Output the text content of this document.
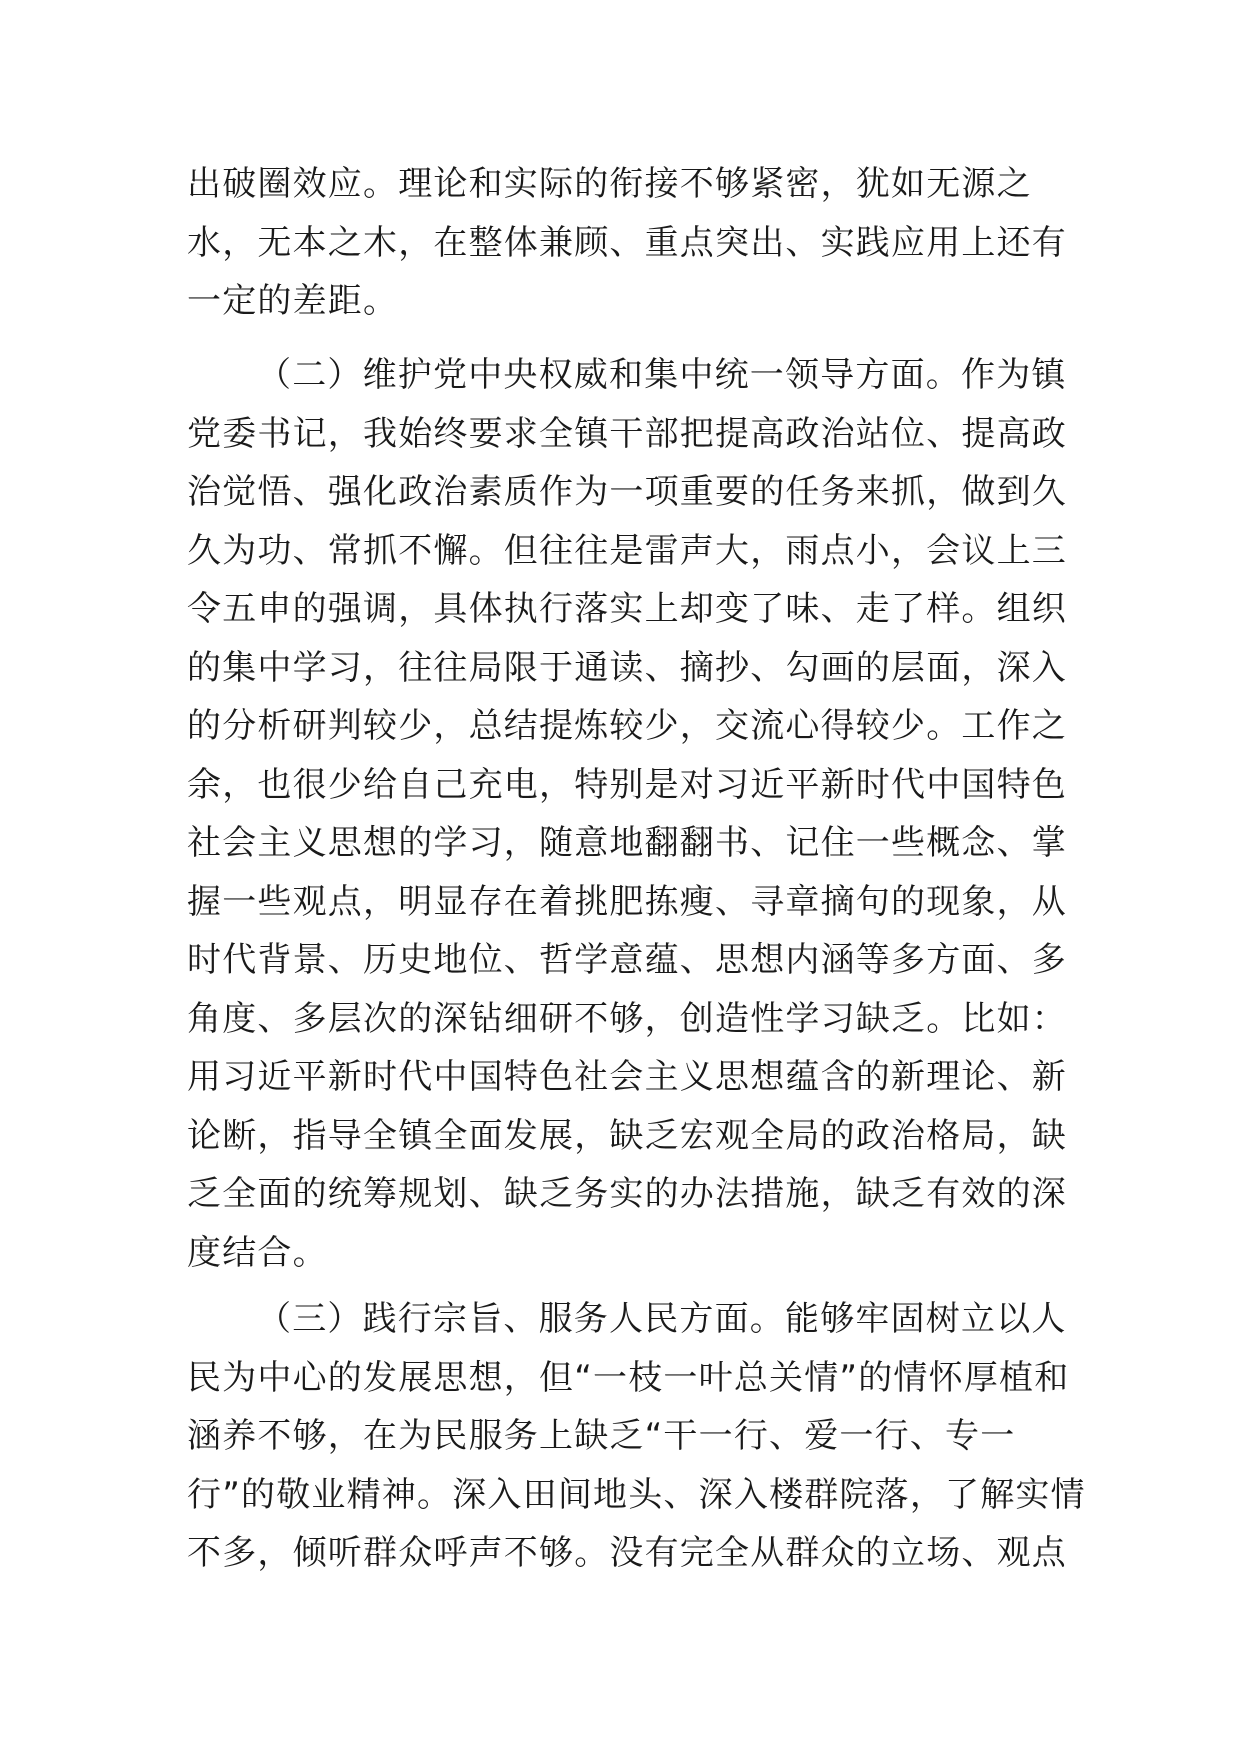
出破圈效应。理论和实际的衔接不够紧密，犹如无源之
水，无本之木，在整体兼顾、重点突出、实践应用上还有
一定的差距。
（二）维护党中央权威和集中统一领导方面。作为镇
党委书记，我始终要求全镇干部把提高政治站位、提高政
治觉悟、强化政治素质作为一项重要的任务来抓，做到久
久为功、常抓不懈。但往往是雷声大，雨点小，会议上三
令五申的强调，具体执行落实上却变了味、走了样。组织
的集中学习，往往局限于通读、摘抄、勾画的层面，深入
的分析研判较少，总结提炼较少，交流心得较少。工作之
余，也很少给自己充电，特别是对习近平新时代中国特色
社会主义思想的学习，随意地翻翻书、记住一些概念、掌
握一些观点，明显存在着挑肥拣瘦、寻章摘句的现象，从
时代背景、历史地位、哲学意蕴、思想内涵等多方面、多
角度、多层次的深钻细研不够，创造性学习缺乏。比如：
用习近平新时代中国特色社会主义思想蕴含的新理论、新
论断，指导全镇全面发展，缺乏宏观全局的政治格局，缺
乏全面的统筹规划、缺乏务实的办法措施，缺乏有效的深
度结合。
（三）践行宗旨、服务人民方面。能够牢固树立以人
民为中心的发展思想，但“一枝一叶总关情”的情怀厚植和
涵养不够，在为民服务上缺乏“干一行、爱一行、专一
行”的敬业精神。深入田间地头、深入楼群院落，了解实情
不多，倾听群众呼声不够。没有完全从群众的立场、观点
